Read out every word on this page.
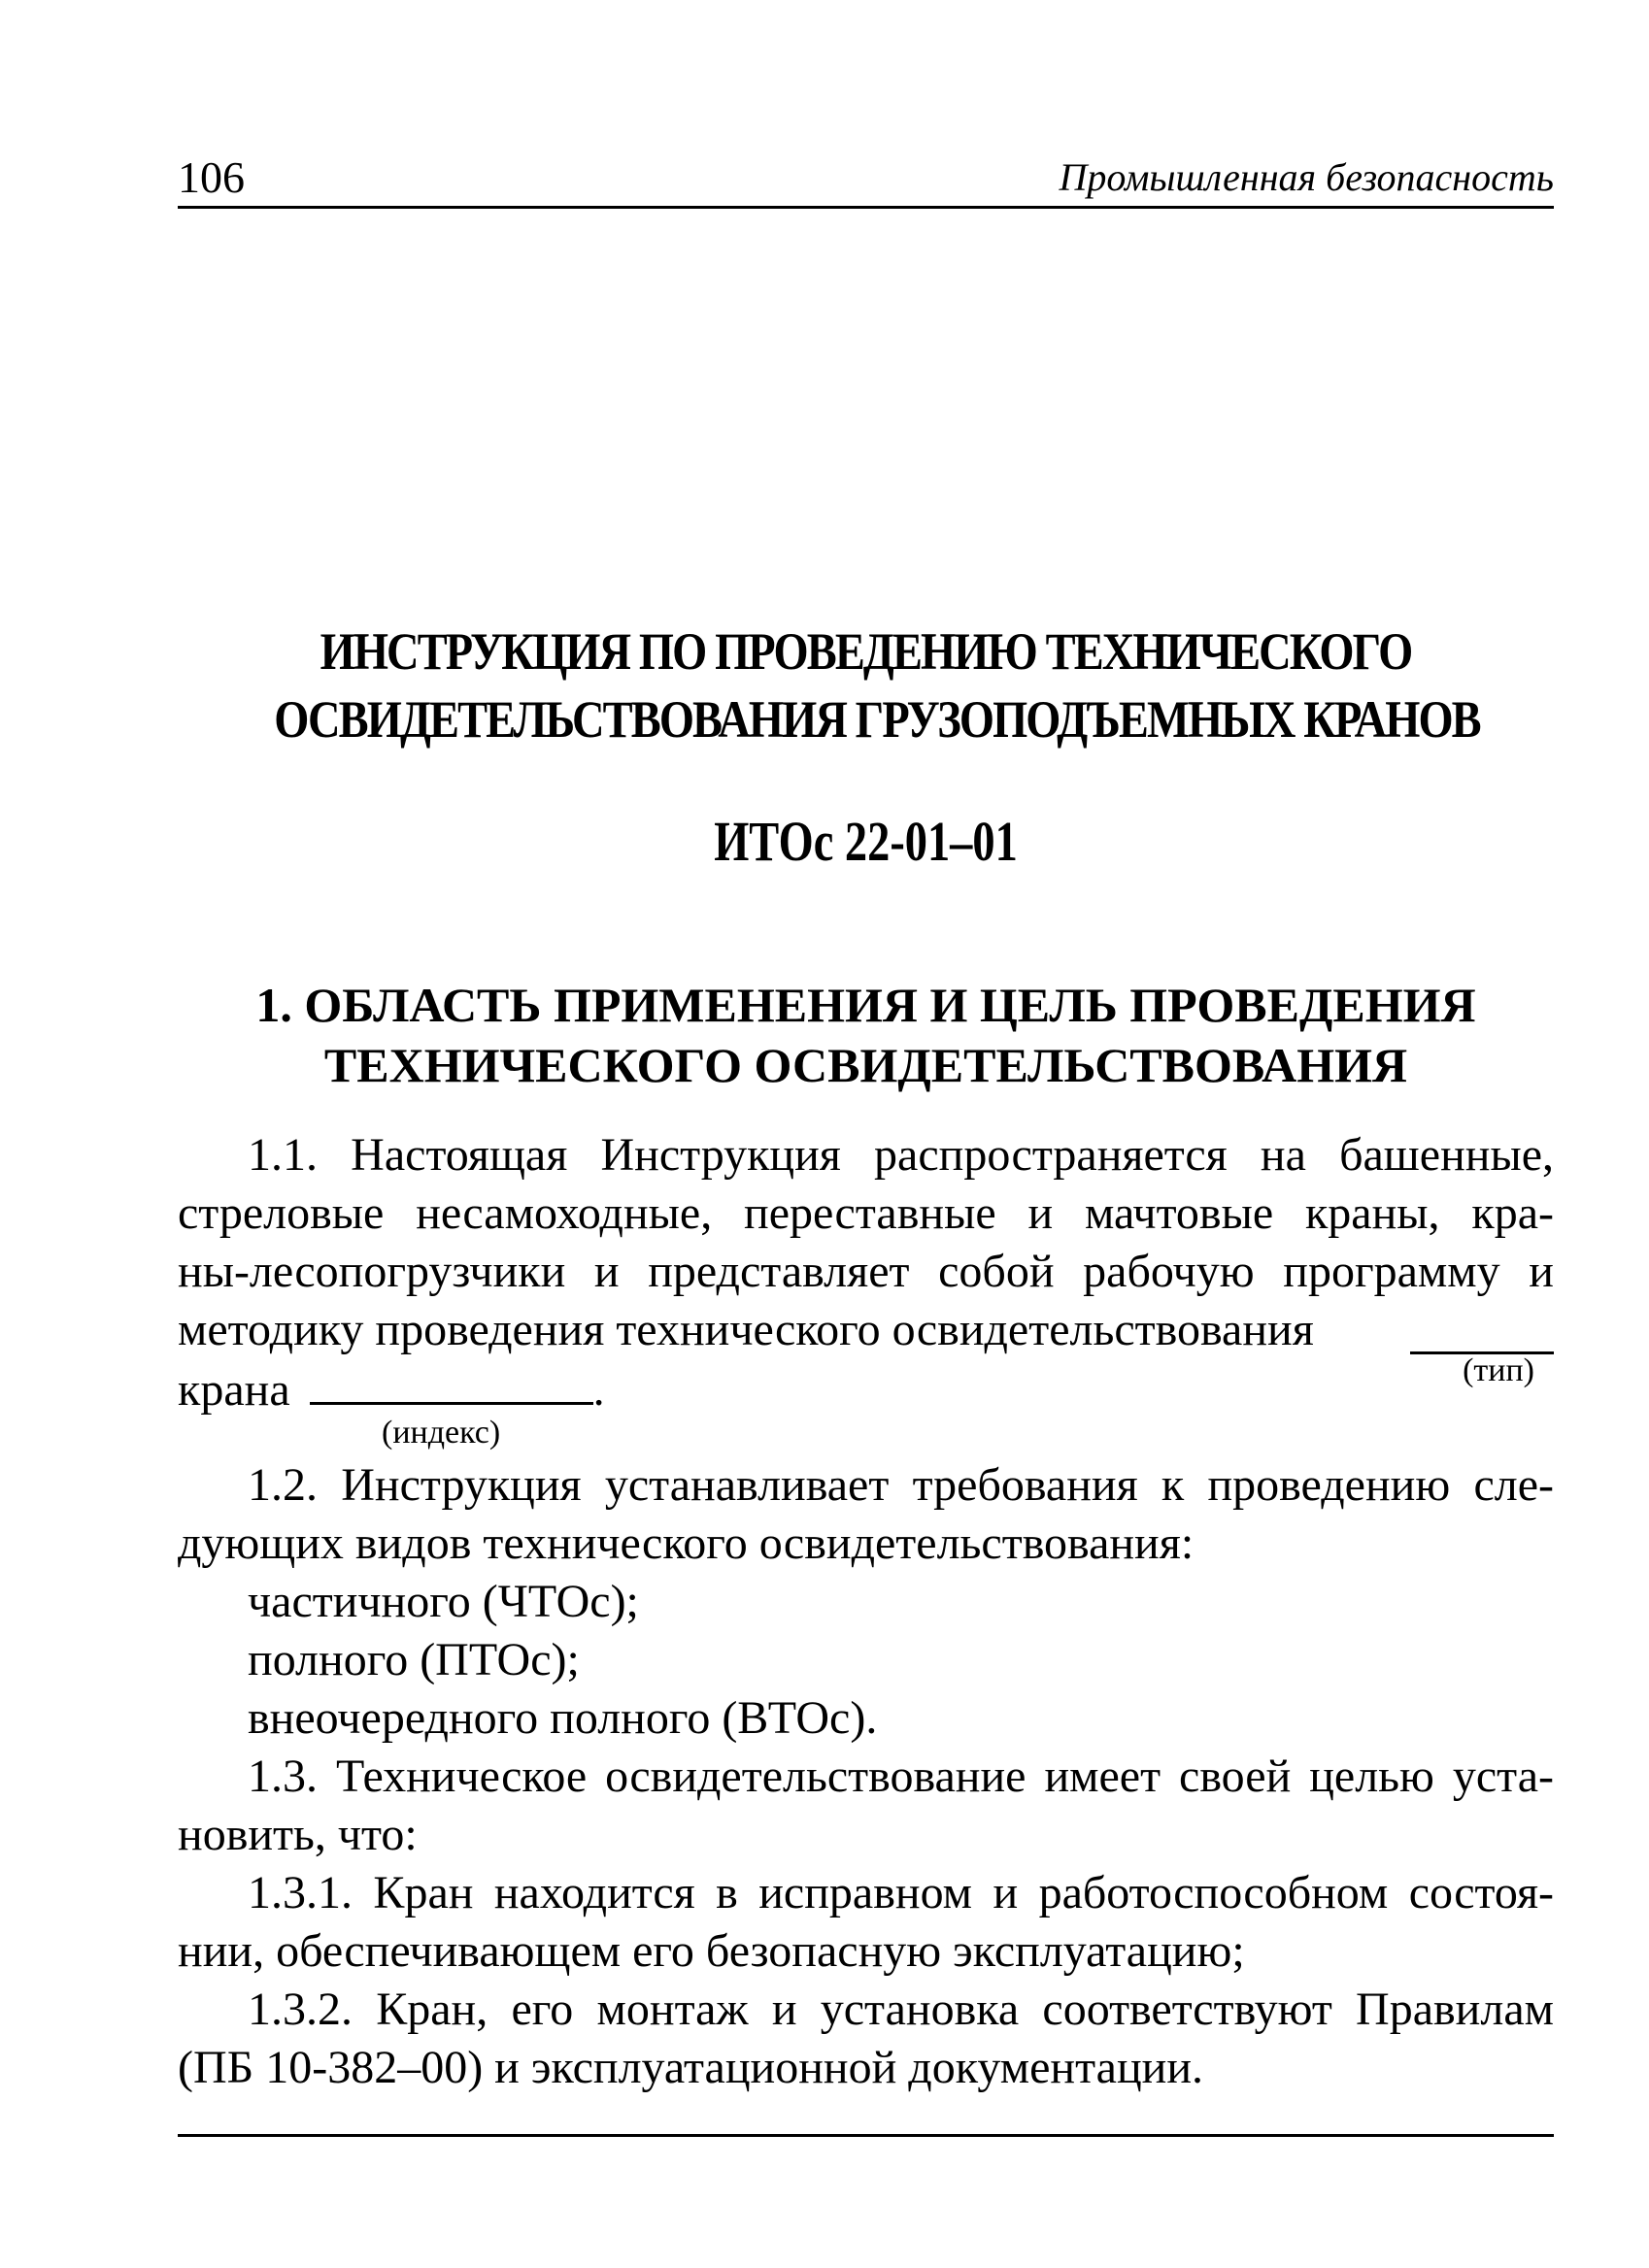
106	Промышленная безопасность
ИНСТРУКЦИЯ ПО ПРОВЕДЕНИЮ ТЕХНИЧЕСКОГО
ОСВИДЕТЕЛЬСТВОВАНИЯ ГРУЗОПОДЪЕМНЫХ КРАНОВ
ИТОс 22-01–01
1. ОБЛАСТЬ ПРИМЕНЕНИЯ И ЦЕЛЬ ПРОВЕДЕНИЯ
ТЕХНИЧЕСКОГО ОСВИДЕТЕЛЬСТВОВАНИЯ
1.1. Настоящая Инструкция распространяется на башенные,
стреловые несамоходные, переставные и мачтовые краны, кра-
ны-лесопогрузчики и представляет собой рабочую программу и
методику проведения технического освидетельствования
крана	.	(тип)
(индекс)
1.2. Инструкция устанавливает требования к проведению сле-
дующих видов технического освидетельствования:
частичного (ЧТОс);
полного (ПТОс);
внеочередного полного (ВТОс).
1.3. Техническое освидетельствование имеет своей целью уста-
новить, что:
1.3.1. Кран находится в исправном и работоспособном состоя-
нии, обеспечивающем его безопасную эксплуатацию;
1.3.2. Кран, его монтаж и установка соответствуют Правилам
(ПБ 10-382–00) и эксплуатационной документации.
